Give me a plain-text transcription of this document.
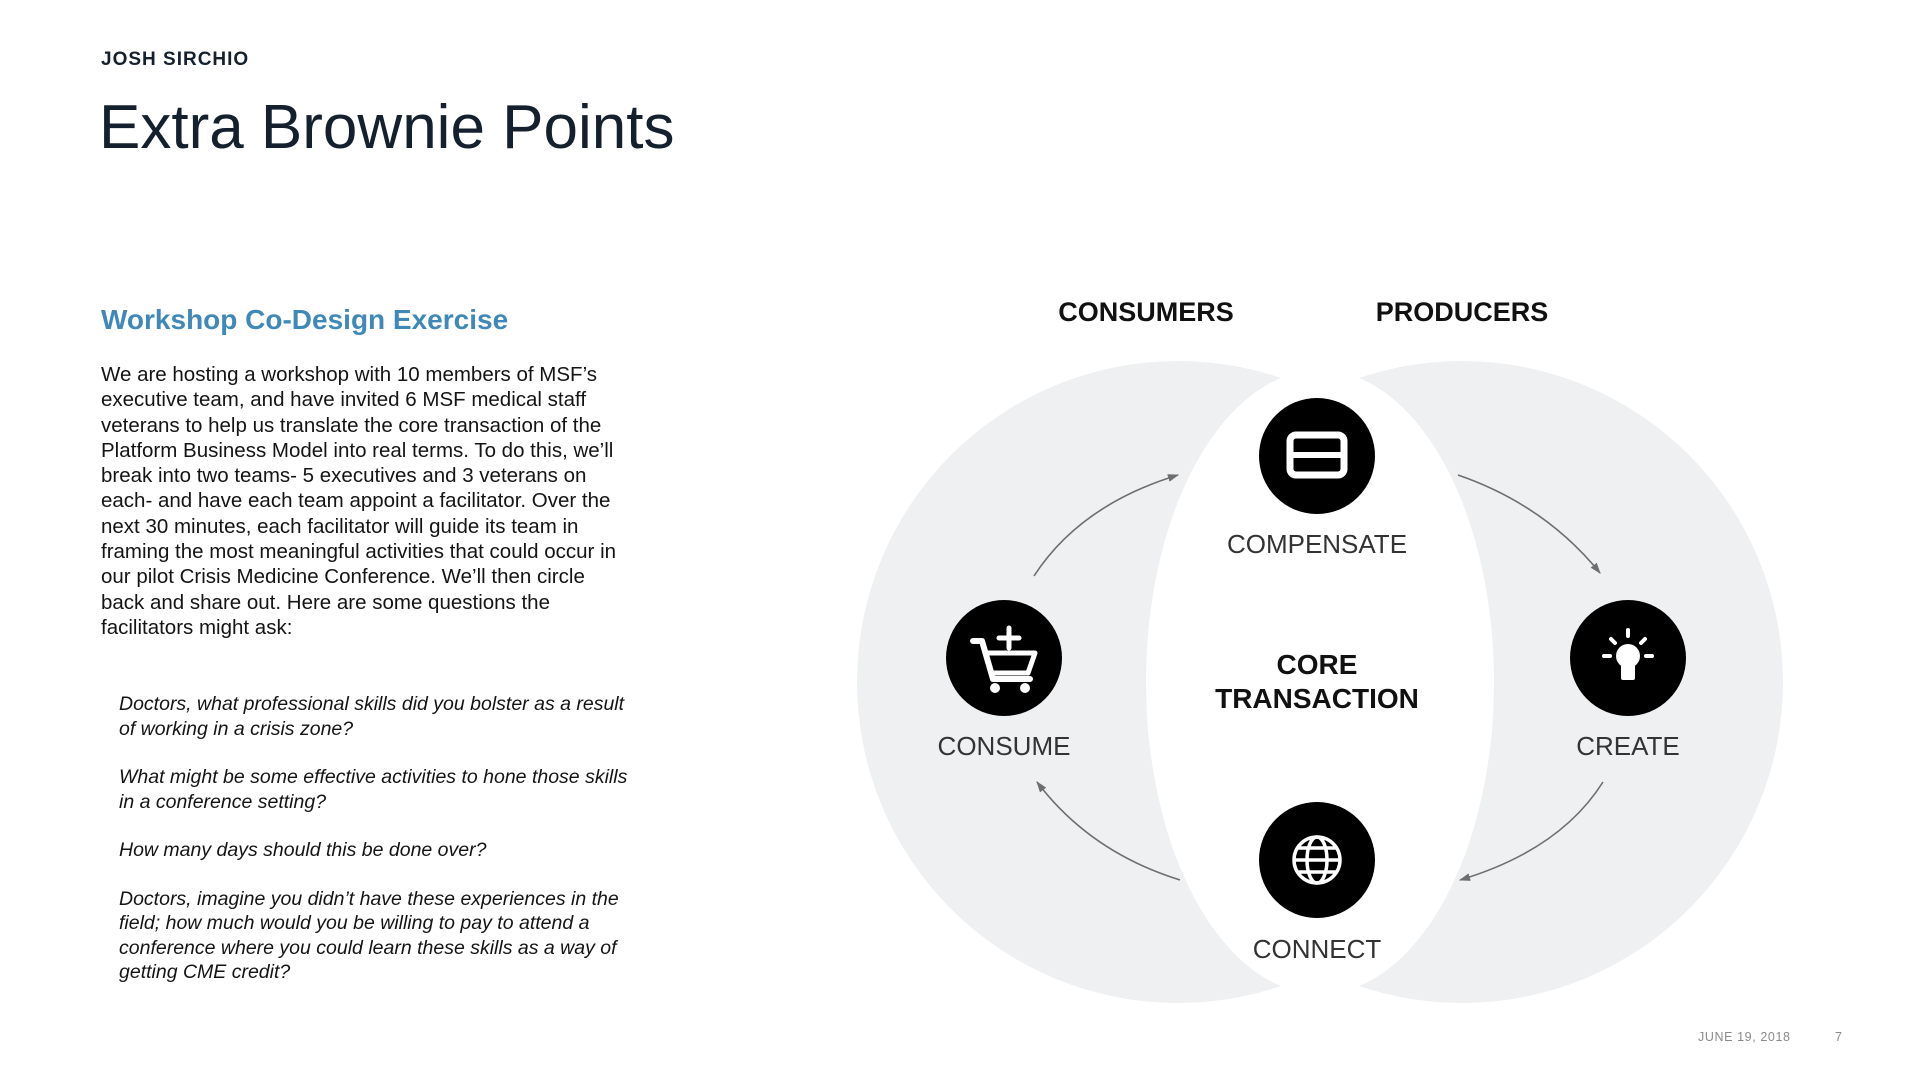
JOSH SIRCHIO
Extra Brownie Points
Workshop Co-Design Exercise

We are hosting a workshop with 10 members of MSF’s executive team, and have invited 6 MSF medical staff veterans to help us translate the core transaction of the Platform Business Model into real terms. To do this, we’ll break into two teams- 5 executives and 3 veterans on each- and have each team appoint a facilitator. Over the next 30 minutes, each facilitator will guide its team in framing the most meaningful activities that could occur in our pilot Crisis Medicine Conference. We’ll then circle back and share out. Here are some questions the facilitators might ask:

Doctors, what professional skills did you bolster as a result of working in a crisis zone?
What might be some effective activities to hone those skills in a conference setting?
How many days should this be done over?
Doctors, imagine you didn’t have these experiences in the field; how much would you be willing to pay to attend a conference where you could learn these skills as a way of getting CME credit?
CONSUMERS	PRODUCERS
CORE
TRANSACTION
COMPENSATE
CONSUME	CREATE
CONNECT
JUNE 19, 2018	7
